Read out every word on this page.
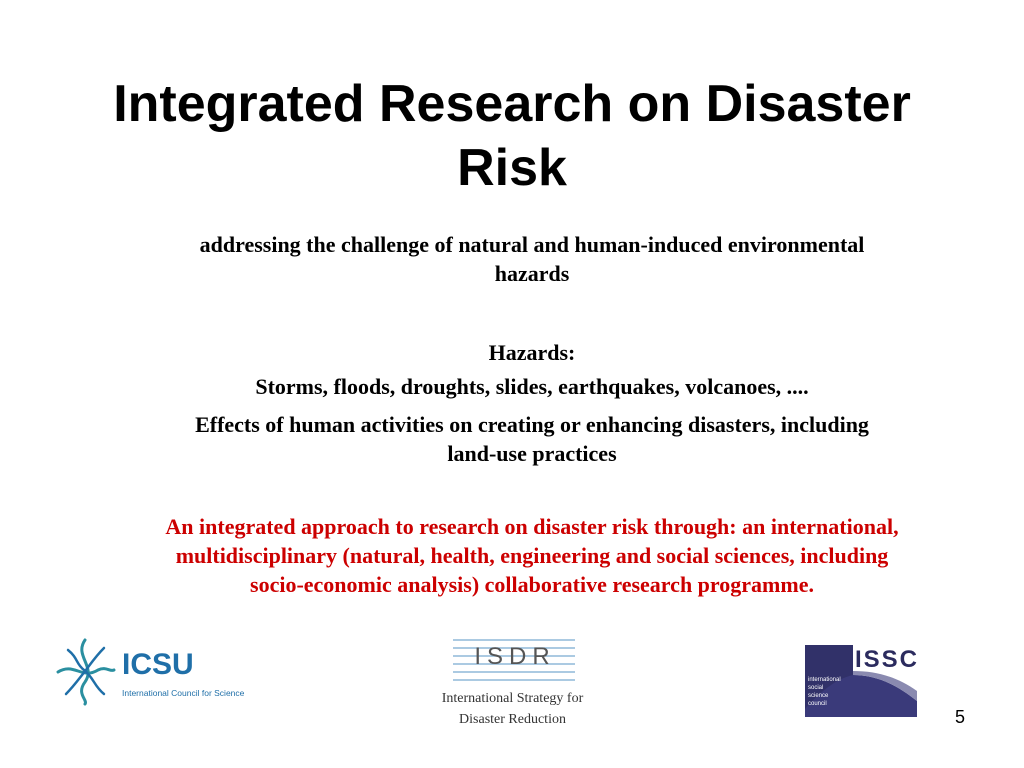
Integrated Research on Disaster Risk

addressing the challenge of natural and human-induced environmental hazards

Hazards:

Storms, floods, droughts, slides, earthquakes, volcanoes, ....

Effects of human activities on creating or enhancing disasters, including land-use practices

An integrated approach to research on disaster risk through: an international, multidisciplinary (natural, health, engineering and social sciences, including socio-economic analysis) collaborative research programme.

ICSU
International Council for Science
ISDR
International Strategy for
Disaster Reduction
international
social
science
council
ISSC
5
